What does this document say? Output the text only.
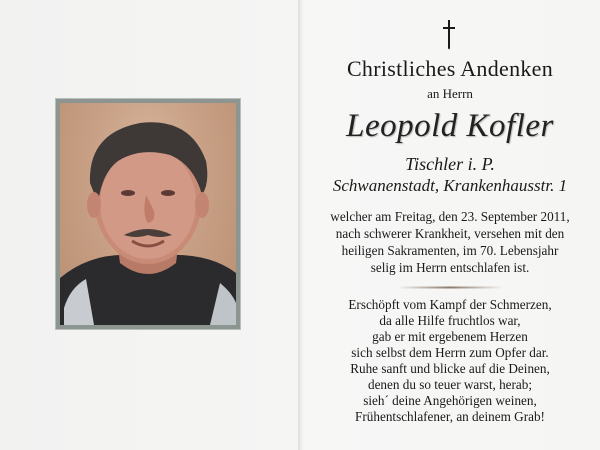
Christliches Andenken
an Herrn
Leopold Kofler
Tischler i. P.
Schwanenstadt, Krankenhausstr. 1
welcher am Freitag, den 23. September 2011,
nach schwerer Krankheit, versehen mit den
heiligen Sakramenten, im 70. Lebensjahr
selig im Herrn entschlafen ist.
Erschöpft vom Kampf der Schmerzen,
da alle Hilfe fruchtlos war,
gab er mit ergebenem Herzen
sich selbst dem Herrn zum Opfer dar.
Ruhe sanft und blicke auf die Deinen,
denen du so teuer warst, herab;
sieh´ deine Angehörigen weinen,
Frühentschlafener, an deinem Grab!
